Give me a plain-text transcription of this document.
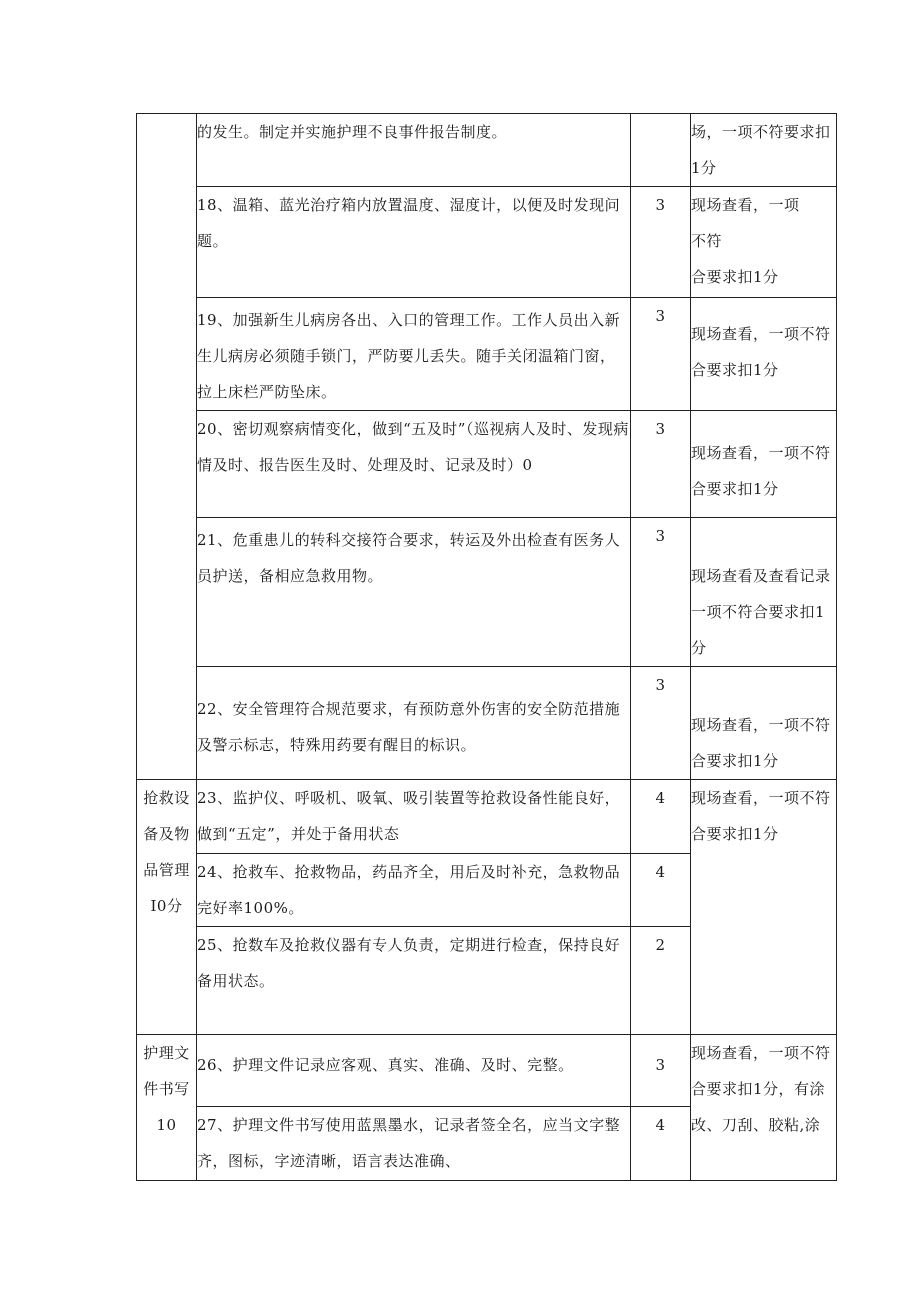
	的发生。制定并实施护理不良事件报告制度。		场，一项不符要求扣1分

	18、温箱、蓝光治疗箱内放置温度、湿度计，以便及时发现问题。	3	现场查看，一项
不符
合要求扣1分

	19、加强新生儿病房各出、入口的管理工作。工作人员出入新生儿病房必须随手锁门，严防要儿丢失。随手关闭温箱门窗，拉上床栏严防坠床。	3	现场查看，一项不符合要求扣1分

	20、密切观察病情变化，做到“五及时”（巡视病人及时、发现病情及时、报告医生及时、处理及时、记录及时）0	3	现场查看，一项不符合要求扣1分

	21、危重患儿的转科交接符合要求，转运及外出检查有医务人员护送，备相应急救用物。	3	现场查看及查看记录一项不符合要求扣1分

	22、安全管理符合规范要求，有预防意外伤害的安全防范措施及警示标志，特殊用药要有醒目的标识。	3	现场查看，一项不符合要求扣1分

抢救设备及物品管理I0分	23、监护仪、呼吸机、吸氧、吸引装置等抢救设备性能良好，做到“五定”，并处于备用状态	4	现场查看，一项不符合要求扣1分

	24、抢救车、抢救物品，药品齐全，用后及时补充，急救物品完好率100%。	4	

	25、抢数车及抢救仪器有专人负责，定期进行检查，保持良好备用状态。	2	
护理文件书写10	26、护理文件记录应客观、真实、准确、及时、完整。	3	现场查看，一项不符合要求扣1分，有涂改、刀刮、胶粘,涂

	27、护理文件书写使用蓝黑墨水，记录者签全名，应当文字整齐，图标，字迹清晰，语言表达准确、	4	
